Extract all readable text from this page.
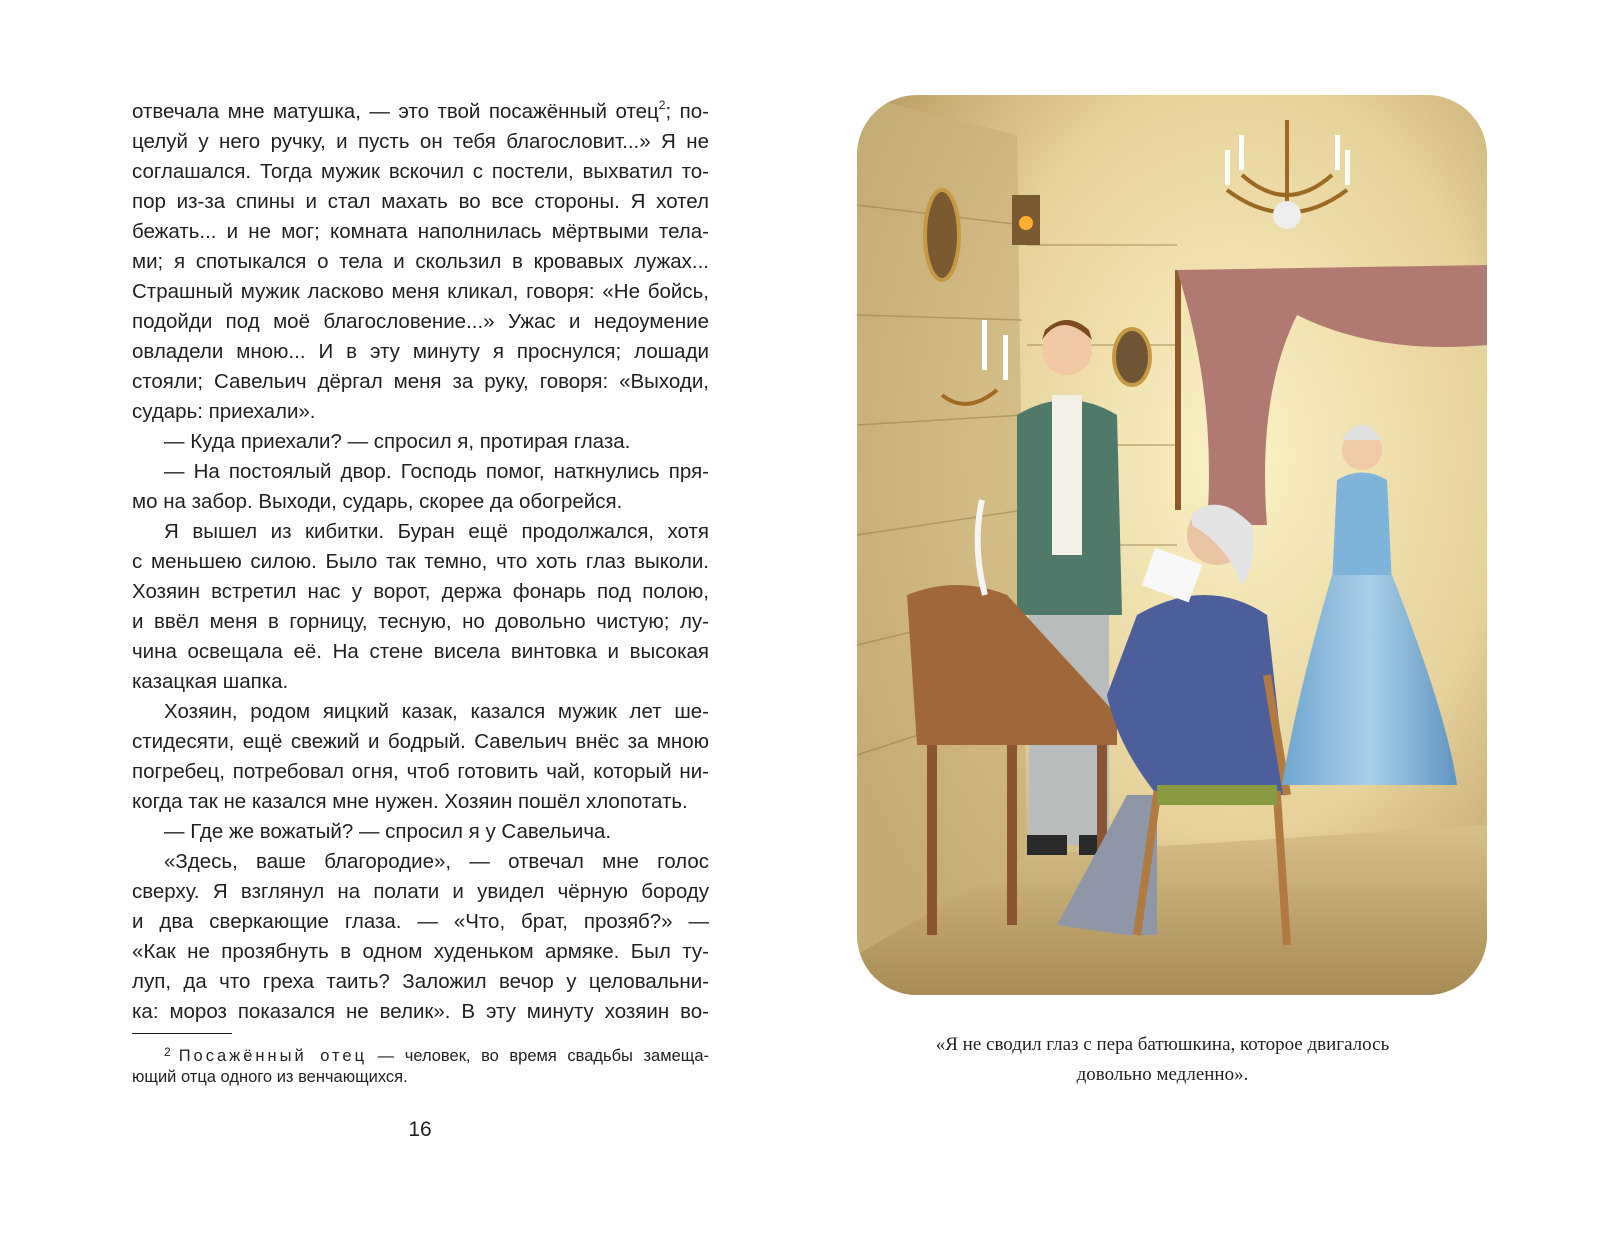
отвечала мне матушка, — это твой посажённый отец$^2$; по-
целуй у него ручку, и пусть он тебя благословит...» Я не
соглашался. Тогда мужик вскочил с постели, выхватил то-
пор из-за спины и стал махать во все стороны. Я хотел
бежать... и не мог; комната наполнилась мёртвыми тела-
ми; я спотыкался о тела и скользил в кровавых лужах...
Страшный мужик ласково меня кликал, говоря: «Не бойсь,
подойди под моё благословение...» Ужас и недоумение
овладели мною... И в эту минуту я проснулся; лошади
стояли; Савельич дёргал меня за руку, говоря: «Выходи,
сударь: приехали».
— Куда приехали? — спросил я, протирая глаза.
— На постоялый двор. Господь помог, наткнулись пря-
мо на забор. Выходи, сударь, скорее да обогрейся.
Я вышел из кибитки. Буран ещё продолжался, хотя
с меньшею силою. Было так темно, что хоть глаз выколи.
Хозяин встретил нас у ворот, держа фонарь под полою,
и ввёл меня в горницу, тесную, но довольно чистую; лу-
чина освещала её. На стене висела винтовка и высокая
казацкая шапка.
Хозяин, родом яицкий казак, казался мужик лет ше-
стидесяти, ещё свежий и бодрый. Савельич внёс за мною
погребец, потребовал огня, чтоб готовить чай, который ни-
когда так не казался мне нужен. Хозяин пошёл хлопотать.
— Где же вожатый? — спросил я у Савельича.
«Здесь, ваше благородие», — отвечал мне голос
сверху. Я взглянул на полати и увидел чёрную бороду
и два сверкающие глаза. — «Что, брат, прозяб?» —
«Как не прозябнуть в одном худеньком армяке. Был ту-
луп, да что греха таить? Заложил вечор у целовальни-
ка: мороз показался не велик». В эту минуту хозяин во-
$^2$ Посажённый отец — человек, во время свадьбы замеща-
ющий отца одного из венчающихся.
16
«Я не сводил глаз с пера батюшкина, которое двигалось
довольно медленно».
